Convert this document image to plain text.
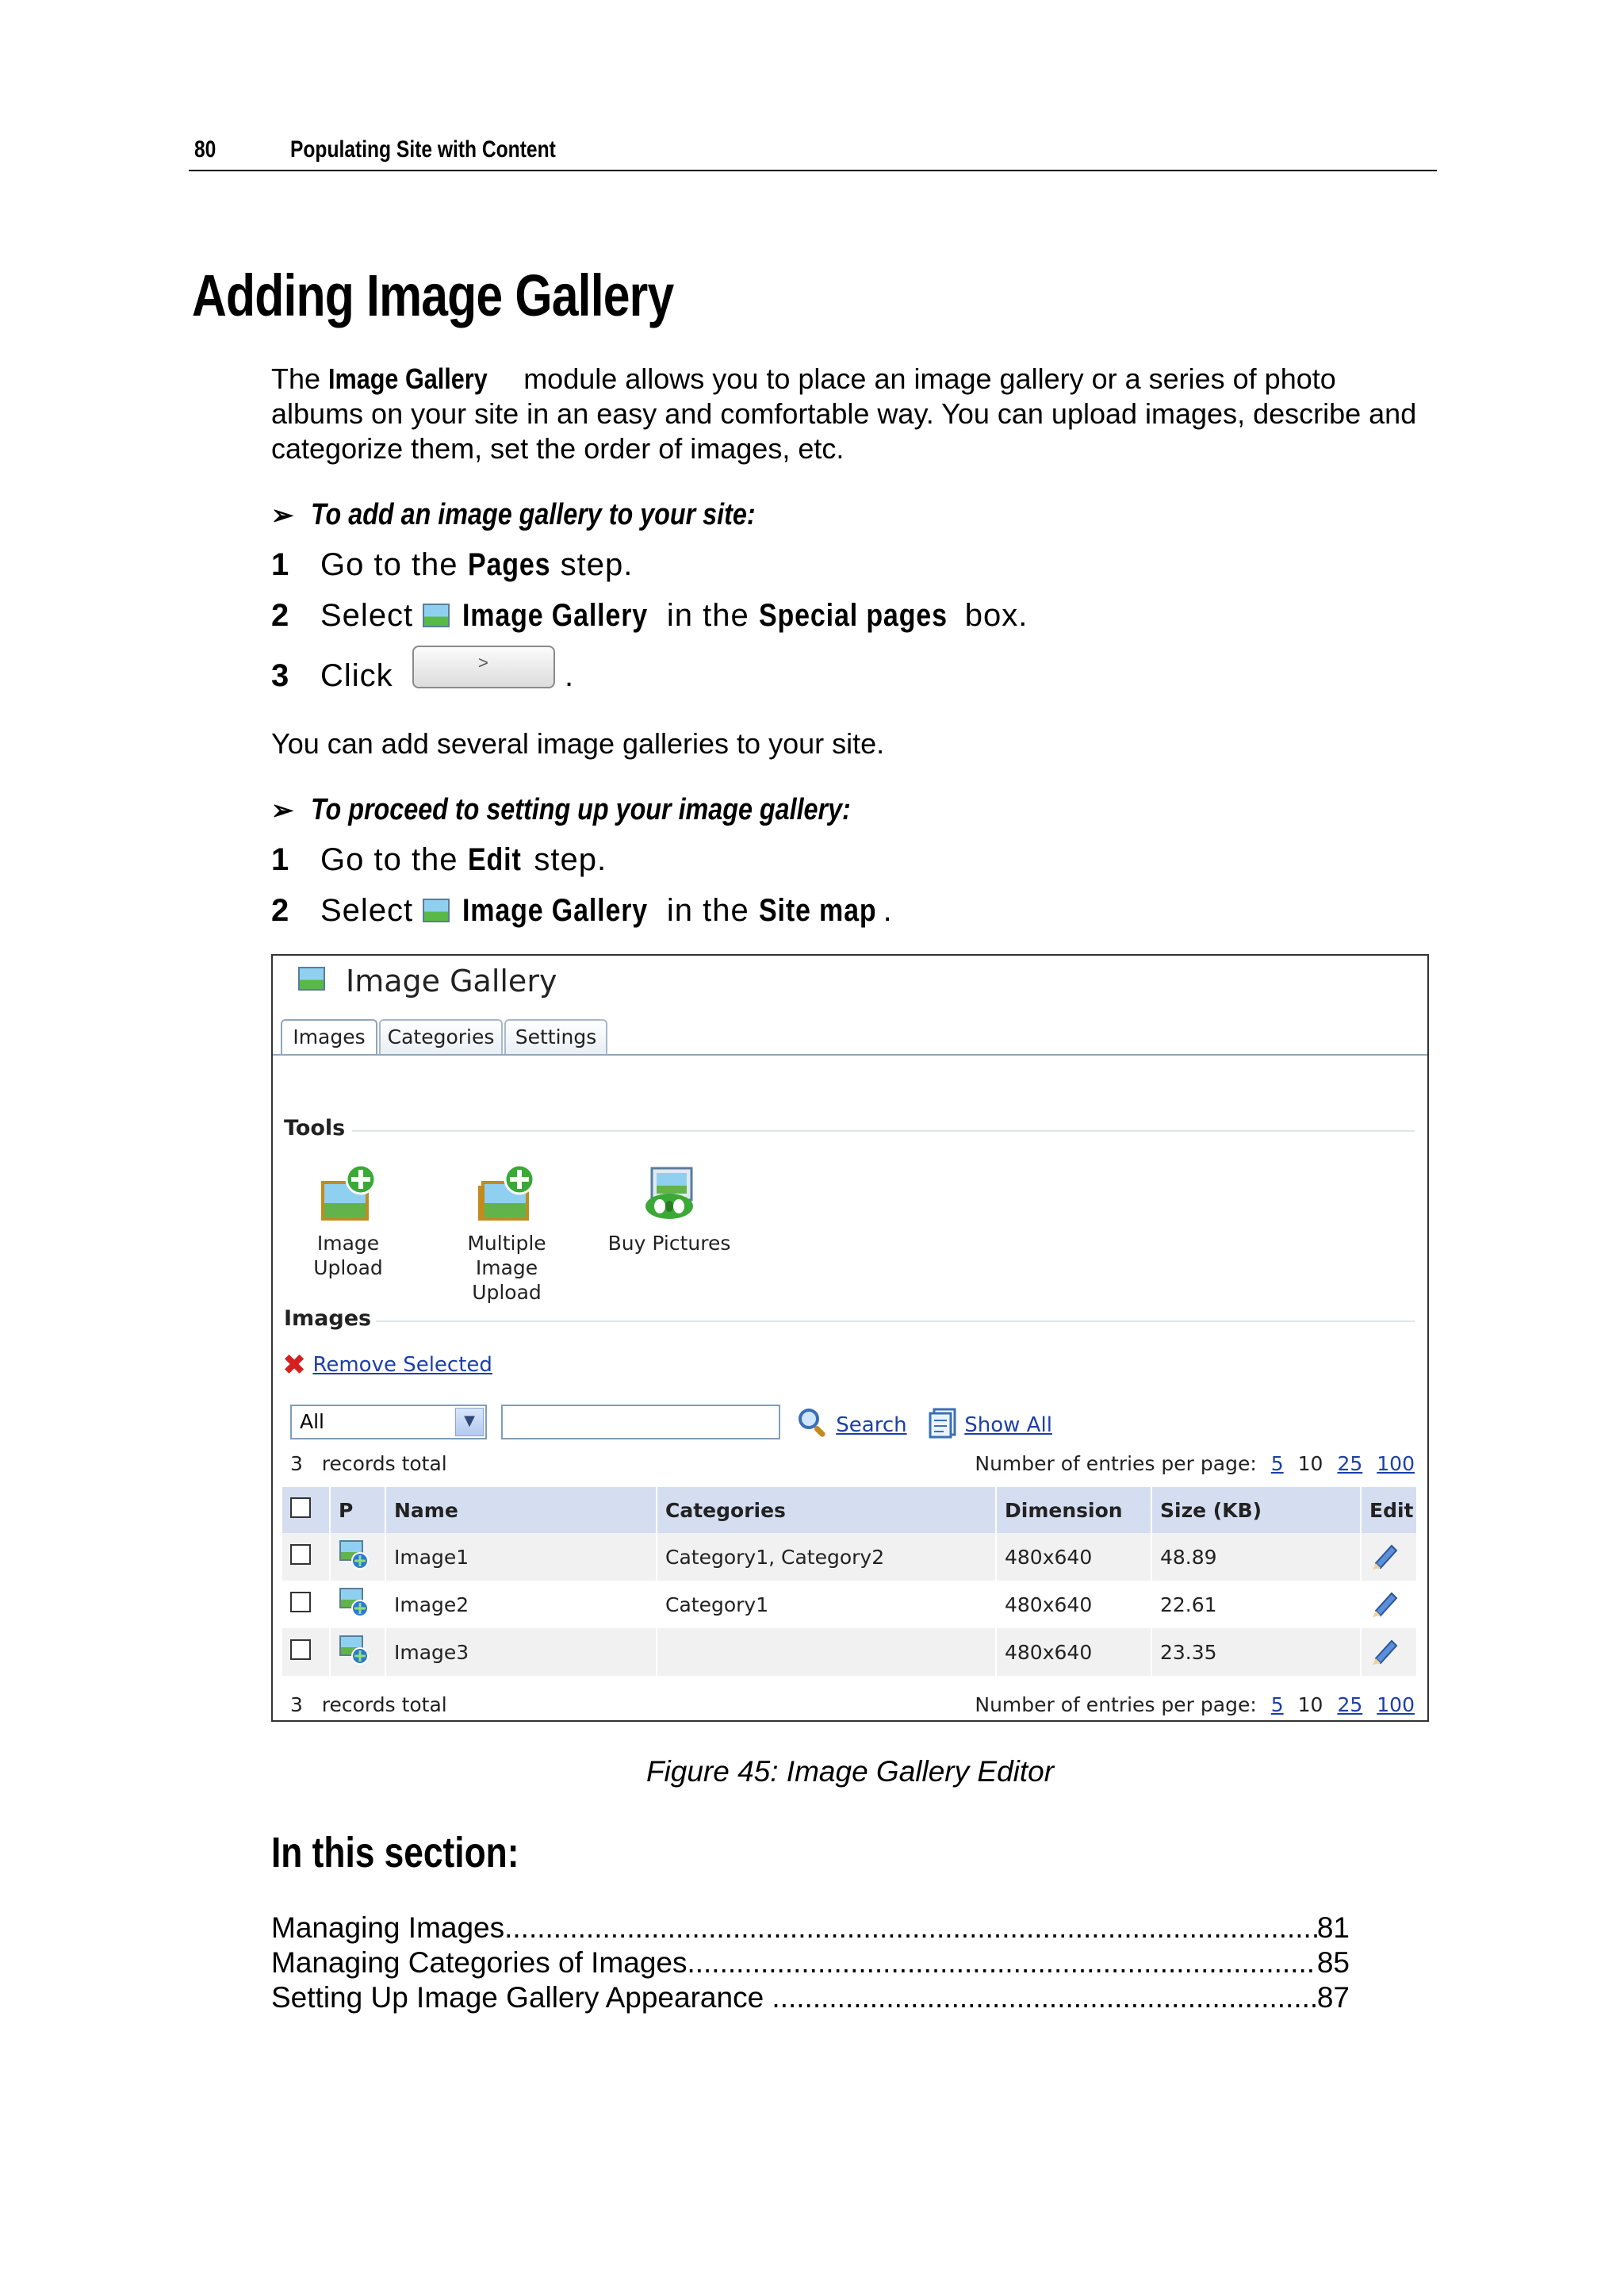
80	Populating Site with Content
Adding Image Gallery
The Image Gallery module allows you to place an image gallery or a series of photo albums on your site in an easy and comfortable way. You can upload images, describe and categorize them, set the order of images, etc.
➢ To add an image gallery to your site:
1 Go to the Pages step.
2 Select  Image Gallery in the Special pages box.
3 Click	> .
You can add several image galleries to your site.
➢ To proceed to setting up your image gallery:
1 Go to the Edit step.
2 Select  Image Gallery in the Site map .
Image Gallery
Images	Categories	Settings
Tools
Image Upload
Multiple Image Upload
Buy Pictures
Images
✖ Remove Selected
All	▼	Search	Show All
3   records total	Number of entries per page: 5 10 25 100
	P	Name	Categories	Dimension	Size (KB)	Edit
		Image1	Category1, Category2	480x640	48.89	
		Image2	Category1	480x640	22.61	
		Image3		480x640	23.35	
3   records total	Number of entries per page: 5 10 25 100
Figure 45: Image Gallery Editor
In this section:
Managing Images .....	81
Managing Categories of Images .....	85
Setting Up Image Gallery Appearance .....	87
